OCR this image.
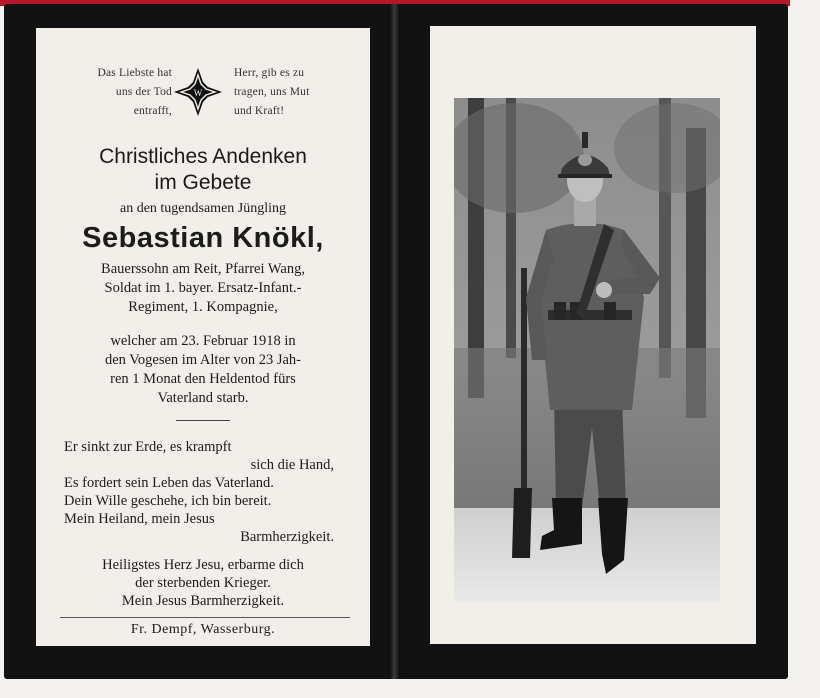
Das Liebste hat
uns der Tod
entrafft,
W
Herr, gib es zu
tragen, uns Mut
und Kraft!
Christliches Andenken
im Gebete
an den tugendsamen Jüngling
Sebastian Knökl,
Bauerssohn am Reit, Pfarrei Wang,
Soldat im 1. bayer. Ersatz-Infant.-
Regiment, 1. Kompagnie,
welcher am 23. Februar 1918 in
den Vogesen im Alter von 23 Jah-
ren 1 Monat den Heldentod fürs
Vaterland starb.
Er sinkt zur Erde, es krampft
sich die Hand,
Es fordert sein Leben das Vaterland.
Dein Wille geschehe, ich bin bereit.
Mein Heiland, mein Jesus
Barmherzigkeit.
Heiligstes Herz Jesu, erbarme dich
der sterbenden Krieger.
Mein Jesus Barmherzigkeit.
Fr. Dempf, Wasserburg.
